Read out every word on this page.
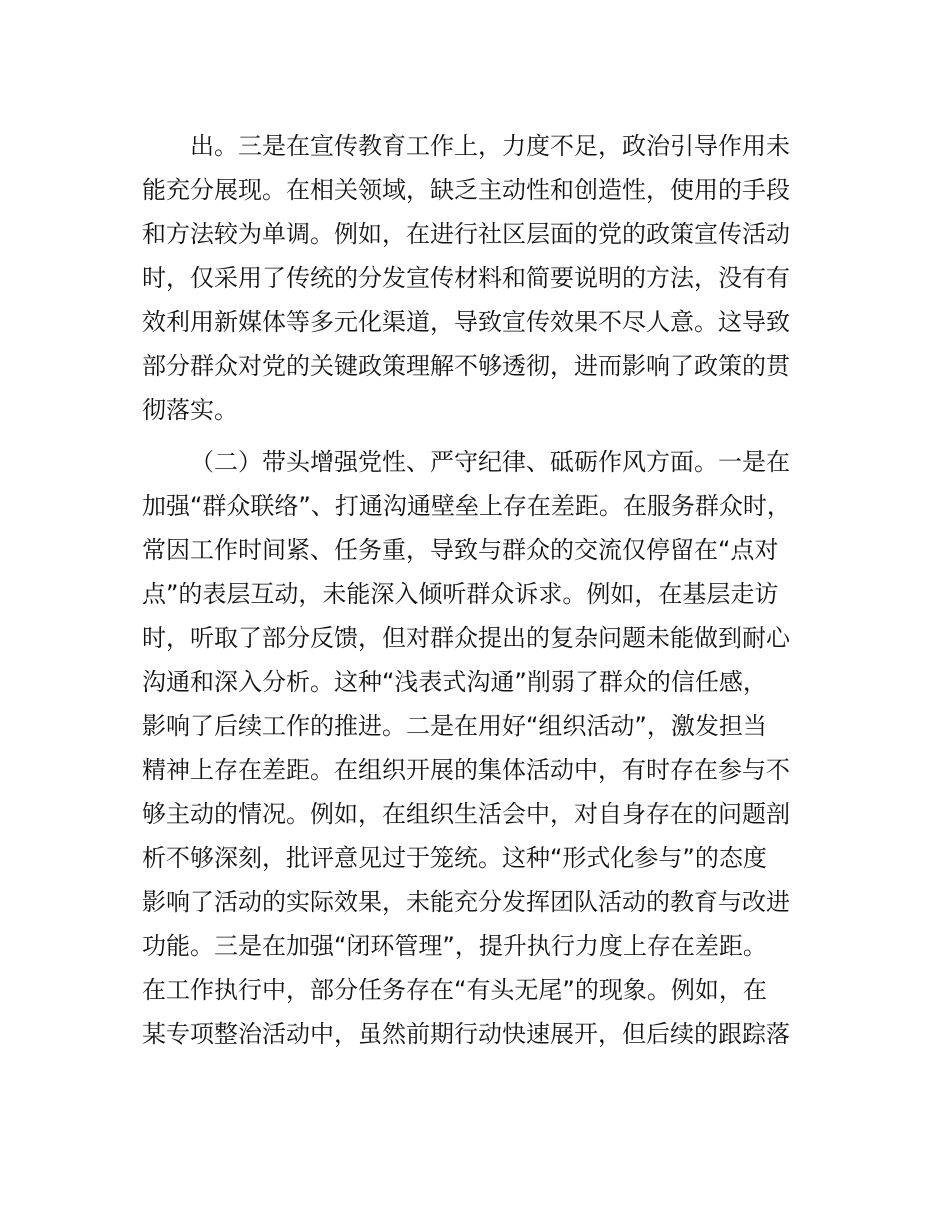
出。三是在宣传教育工作上，力度不足，政治引导作用未
能充分展现。在相关领域，缺乏主动性和创造性，使用的手段
和方法较为单调。例如，在进行社区层面的党的政策宣传活动
时，仅采用了传统的分发宣传材料和简要说明的方法，没有有
效利用新媒体等多元化渠道，导致宣传效果不尽人意。这导致
部分群众对党的关键政策理解不够透彻，进而影响了政策的贯
彻落实。
（二）带头增强党性、严守纪律、砥砺作风方面。一是在
加强“群众联络”、打通沟通壁垒上存在差距。在服务群众时，
常因工作时间紧、任务重，导致与群众的交流仅停留在“点对
点”的表层互动，未能深入倾听群众诉求。例如，在基层走访
时，听取了部分反馈，但对群众提出的复杂问题未能做到耐心
沟通和深入分析。这种“浅表式沟通”削弱了群众的信任感，
影响了后续工作的推进。二是在用好“组织活动”，激发担当
精神上存在差距。在组织开展的集体活动中，有时存在参与不
够主动的情况。例如，在组织生活会中，对自身存在的问题剖
析不够深刻，批评意见过于笼统。这种“形式化参与”的态度
影响了活动的实际效果，未能充分发挥团队活动的教育与改进
功能。三是在加强“闭环管理”，提升执行力度上存在差距。
在工作执行中，部分任务存在“有头无尾”的现象。例如，在
某专项整治活动中，虽然前期行动快速展开，但后续的跟踪落
